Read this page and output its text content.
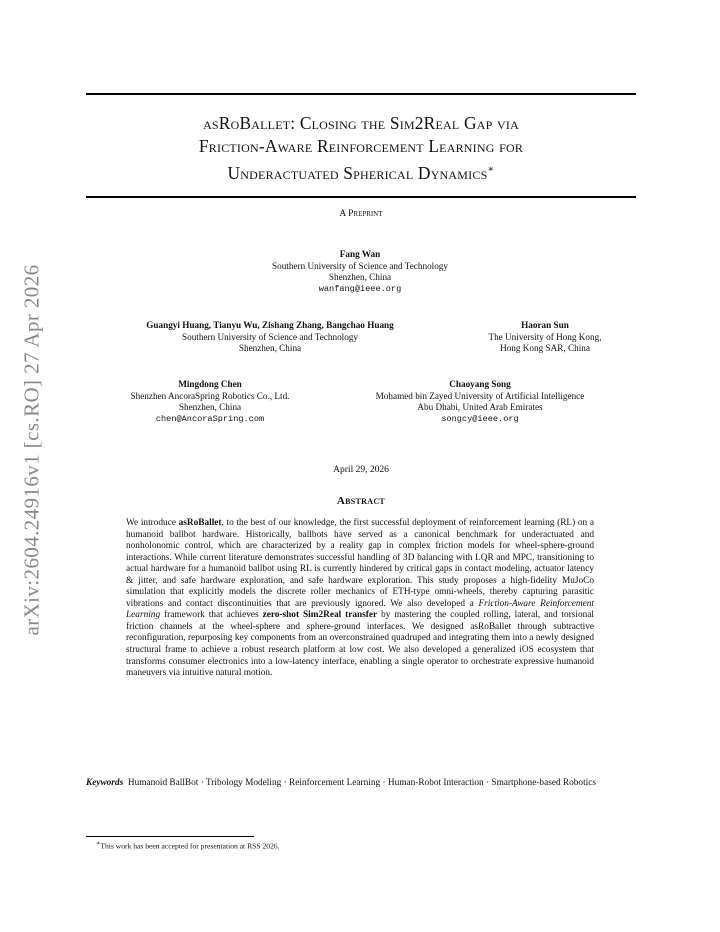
arXiv:2604.24916v1 [cs.RO] 27 Apr 2026
asRoBallet: Closing the Sim2Real Gap via
Friction-Aware Reinforcement Learning for
Underactuated Spherical Dynamics∗
A Preprint
Fang Wan
Southern University of Science and Technology
Shenzhen, China
wanfang@ieee.org
Guangyi Huang, Tianyu Wu, Zishang Zhang, Bangchao Huang
Southern University of Science and Technology
Shenzhen, China
Haoran Sun
The University of Hong Kong,
Hong Kong SAR, China
Mingdong Chen
Shenzhen AncoraSpring Robotics Co., Ltd.
Shenzhen, China
chen@AncoraSpring.com
Chaoyang Song
Mohamed bin Zayed University of Artificial Intelligence
Abu Dhabi, United Arab Emirates
songcy@ieee.org
April 29, 2026
Abstract
We introduce asRoBallet, to the best of our knowledge, the first successful deployment of reinforcement learning (RL) on a humanoid ballbot hardware. Historically, ballbots have served as a canonical benchmark for underactuated and nonholonomic control, which are characterized by a reality gap in complex friction models for wheel-sphere-ground interactions. While current literature demonstrates successful handling of 3D balancing with LQR and MPC, transitioning to actual hardware for a humanoid ballbot using RL is currently hindered by critical gaps in contact modeling, actuator latency & jitter, and safe hardware exploration, and safe hardware exploration. This study proposes a high-fidelity MuJoCo simulation that explicitly models the discrete roller mechanics of ETH-type omni-wheels, thereby capturing parasitic vibrations and contact discontinuities that are previously ignored. We also developed a Friction-Aware Reinforcement Learning framework that achieves zero-shot Sim2Real transfer by mastering the coupled rolling, lateral, and torsional friction channels at the wheel-sphere and sphere-ground interfaces. We designed asRoBallet through subtractive reconfiguration, repurposing key components from an overconstrained quadruped and integrating them into a newly designed structural frame to achieve a robust research platform at low cost. We also developed a generalized iOS ecosystem that transforms consumer electronics into a low-latency interface, enabling a single operator to orchestrate expressive humanoid maneuvers via intuitive natural motion.
Keywords Humanoid BallBot · Tribology Modeling · Reinforcement Learning · Human-Robot Interaction · Smartphone-based Robotics
∗This work has been accepted for presentation at RSS 2026.
